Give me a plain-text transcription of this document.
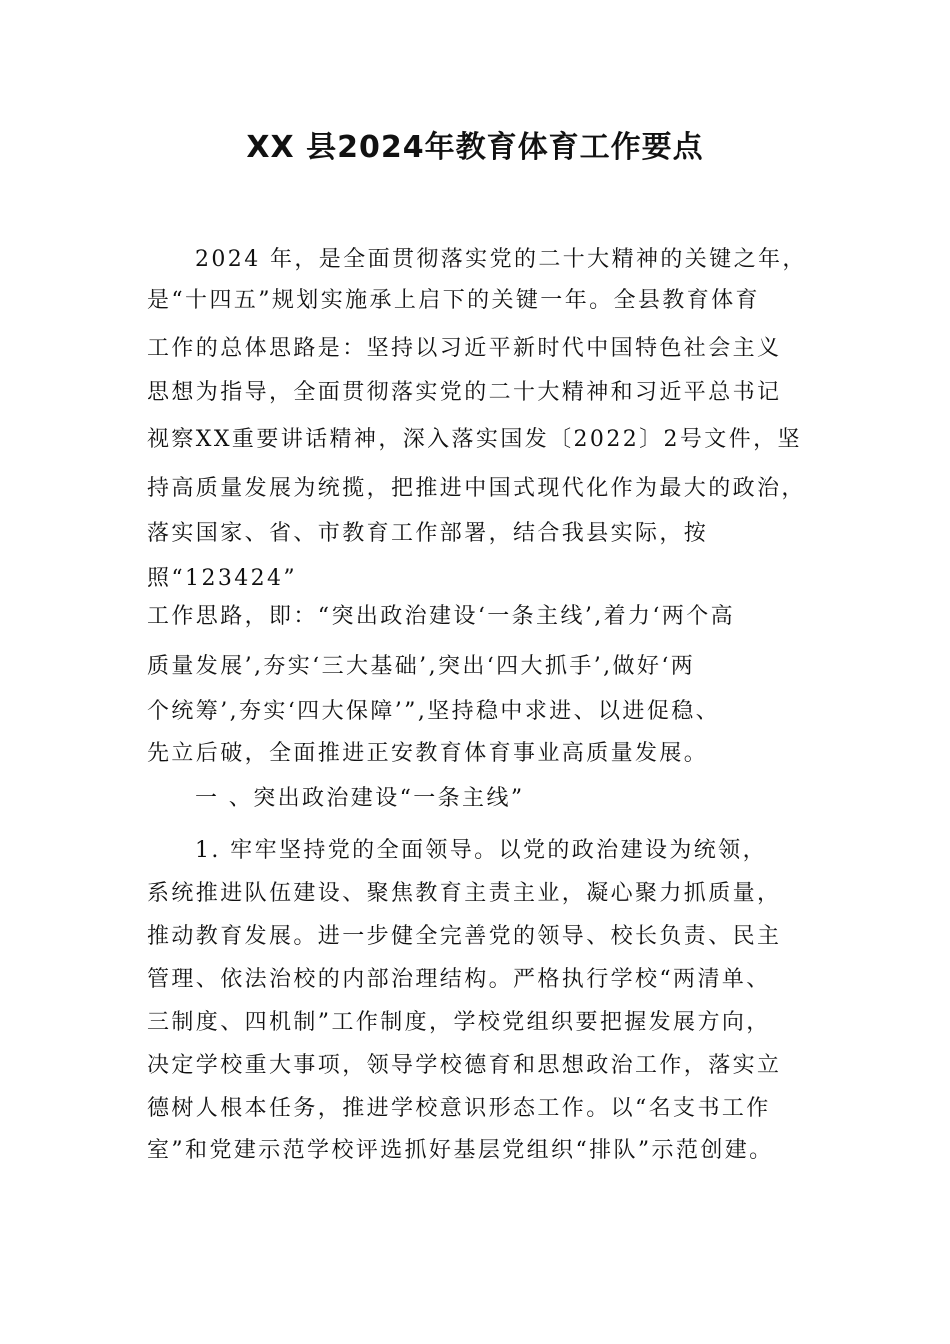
XX 县2024年教育体育工作要点
2024 年，是全面贯彻落实党的二十大精神的关键之年，
是“十四五”规划实施承上启下的关键一年。全县教育体育
工作的总体思路是：坚持以习近平新时代中国特色社会主义
思想为指导，全面贯彻落实党的二十大精神和习近平总书记
视察XX重要讲话精神，深入落实国发〔2022〕2号文件，坚
持高质量发展为统揽，把推进中国式现代化作为最大的政治，
落实国家、省、市教育工作部署，结合我县实际，按
照“123424”
工作思路，即：“突出政治建设‘一条主线’,着力‘两个高
质量发展’,夯实‘三大基础’,突出‘四大抓手’,做好‘两
个统筹’,夯实‘四大保障’”,坚持稳中求进、以进促稳、
先立后破，全面推进正安教育体育事业高质量发展。
一 、突出政治建设“一条主线”
1. 牢牢坚持党的全面领导。以党的政治建设为统领，
系统推进队伍建设、聚焦教育主责主业，凝心聚力抓质量，
推动教育发展。进一步健全完善党的领导、校长负责、民主
管理、依法治校的内部治理结构。严格执行学校“两清单、
三制度、四机制”工作制度，学校党组织要把握发展方向，
决定学校重大事项，领导学校德育和思想政治工作，落实立
德树人根本任务，推进学校意识形态工作。以“名支书工作
室”和党建示范学校评选抓好基层党组织“排队”示范创建。
